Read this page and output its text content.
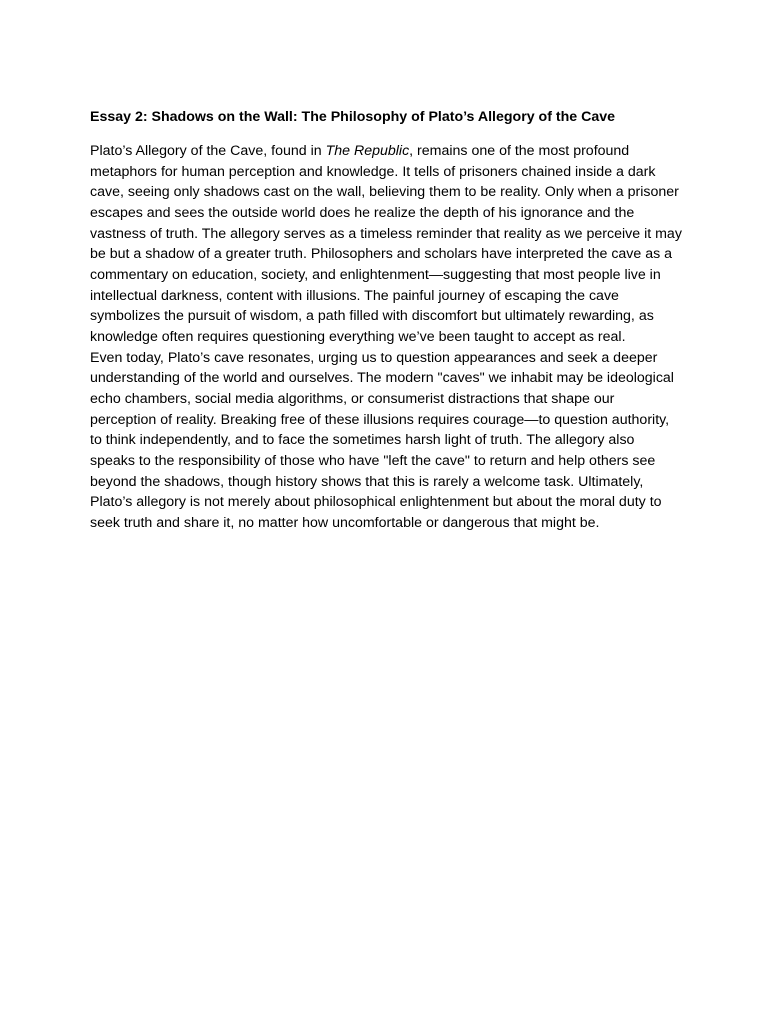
Essay 2: Shadows on the Wall: The Philosophy of Plato’s Allegory of the Cave

Plato’s Allegory of the Cave, found in The Republic, remains one of the most profound metaphors for human perception and knowledge. It tells of prisoners chained inside a dark cave, seeing only shadows cast on the wall, believing them to be reality. Only when a prisoner escapes and sees the outside world does he realize the depth of his ignorance and the vastness of truth. The allegory serves as a timeless reminder that reality as we perceive it may be but a shadow of a greater truth. Philosophers and scholars have interpreted the cave as a commentary on education, society, and enlightenment—suggesting that most people live in intellectual darkness, content with illusions. The painful journey of escaping the cave symbolizes the pursuit of wisdom, a path filled with discomfort but ultimately rewarding, as knowledge often requires questioning everything we’ve been taught to accept as real.

Even today, Plato’s cave resonates, urging us to question appearances and seek a deeper understanding of the world and ourselves. The modern "caves" we inhabit may be ideological echo chambers, social media algorithms, or consumerist distractions that shape our perception of reality. Breaking free of these illusions requires courage—to question authority, to think independently, and to face the sometimes harsh light of truth. The allegory also speaks to the responsibility of those who have "left the cave" to return and help others see beyond the shadows, though history shows that this is rarely a welcome task. Ultimately, Plato’s allegory is not merely about philosophical enlightenment but about the moral duty to seek truth and share it, no matter how uncomfortable or dangerous that might be.
